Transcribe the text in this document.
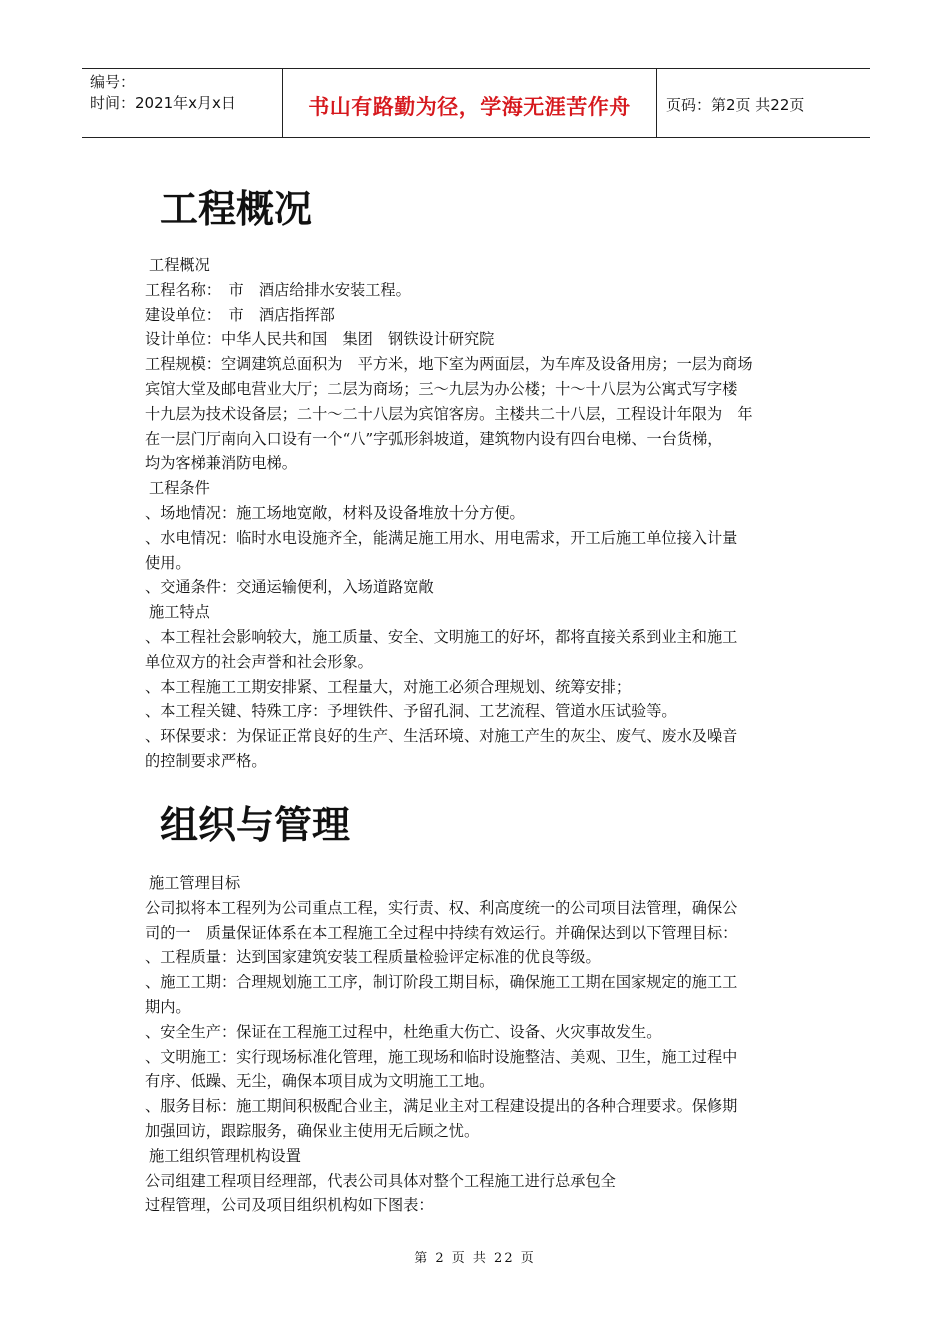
编号：
时间：2021年x月x日	书山有路勤为径，学海无涯苦作舟	页码：第2页 共22页
工程概况

工程概况

工程名称：　市　酒店给排水安装工程。

建设单位：　市　酒店指挥部

设计单位：中华人民共和国　集团　钢铁设计研究院

工程规模：空调建筑总面积为　平方米，地下室为两面层，为车库及设备用房；一层为商场

宾馆大堂及邮电营业大厅；二层为商场；三～九层为办公楼；十～十八层为公寓式写字楼

十九层为技术设备层；二十～二十八层为宾馆客房。主楼共二十八层，工程设计年限为　年

在一层门厅南向入口设有一个“八”字弧形斜坡道，建筑物内设有四台电梯、一台货梯，

均为客梯兼消防电梯。

工程条件

、场地情况：施工场地宽敞，材料及设备堆放十分方便。

、水电情况：临时水电设施齐全，能满足施工用水、用电需求，开工后施工单位接入计量

使用。

、交通条件：交通运输便利，入场道路宽敞

施工特点

、本工程社会影响较大，施工质量、安全、文明施工的好坏，都将直接关系到业主和施工

单位双方的社会声誉和社会形象。

、本工程施工工期安排紧、工程量大，对施工必须合理规划、统筹安排；

、本工程关键、特殊工序：予埋铁件、予留孔洞、工艺流程、管道水压试验等。

、环保要求：为保证正常良好的生产、生活环境、对施工产生的灰尘、废气、废水及噪音

的控制要求严格。

组织与管理

施工管理目标

公司拟将本工程列为公司重点工程，实行责、权、利高度统一的公司项目法管理，确保公

司的一　质量保证体系在本工程施工全过程中持续有效运行。并确保达到以下管理目标：

、工程质量：达到国家建筑安装工程质量检验评定标准的优良等级。

、施工工期：合理规划施工工序，制订阶段工期目标，确保施工工期在国家规定的施工工

期内。

、安全生产：保证在工程施工过程中，杜绝重大伤亡、设备、火灾事故发生。

、文明施工：实行现场标准化管理，施工现场和临时设施整洁、美观、卫生，施工过程中

有序、低躁、无尘，确保本项目成为文明施工工地。

、服务目标：施工期间积极配合业主，满足业主对工程建设提出的各种合理要求。保修期

加强回访，跟踪服务，确保业主使用无后顾之忧。

施工组织管理机构设置

公司组建工程项目经理部，代表公司具体对整个工程施工进行总承包全

过程管理，公司及项目组织机构如下图表：

第 2 页 共 22 页
